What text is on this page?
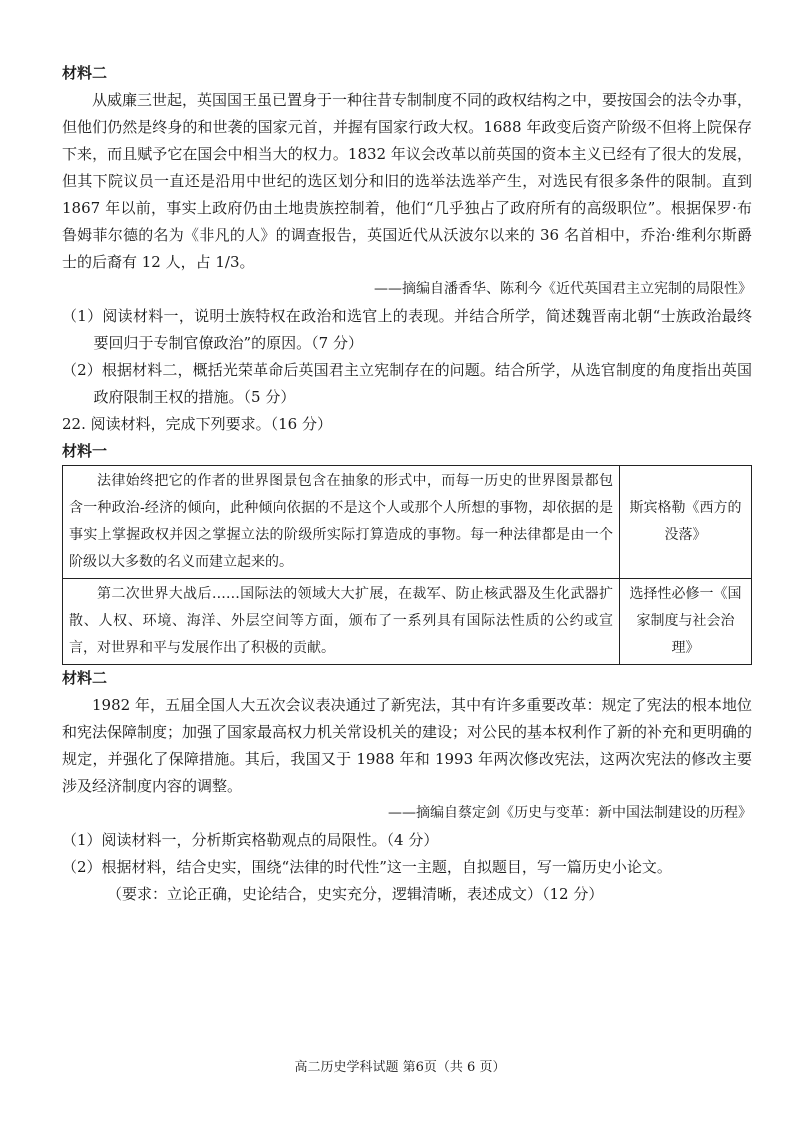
材料二

从威廉三世起，英国国王虽已置身于一种往昔专制制度不同的政权结构之中，要按国会的法令办事，但他们仍然是终身的和世袭的国家元首，并握有国家行政大权。1688 年政变后资产阶级不但将上院保存下来，而且赋予它在国会中相当大的权力。1832 年议会改革以前英国的资本主义已经有了很大的发展，但其下院议员一直还是沿用中世纪的选区划分和旧的选举法选举产生，对选民有很多条件的限制。直到 1867 年以前，事实上政府仍由土地贵族控制着，他们“几乎独占了政府所有的高级职位”。根据保罗·布鲁姆菲尔德的名为《非凡的人》的调查报告，英国近代从沃波尔以来的 36 名首相中，乔治·维利尔斯爵士的后裔有 12 人，占 1/3。

——摘编自潘香华、陈利今《近代英国君主立宪制的局限性》

（1）阅读材料一，说明士族特权在政治和选官上的表现。并结合所学，简述魏晋南北朝“士族政治最终要回归于专制官僚政治”的原因。（7 分）

（2）根据材料二，概括光荣革命后英国君主立宪制存在的问题。结合所学，从选官制度的角度指出英国政府限制王权的措施。（5 分）

22. 阅读材料，完成下列要求。（16 分）

材料一

法律始终把它的作者的世界图景包含在抽象的形式中，而每一历史的世界图景都包含一种政治-经济的倾向，此种倾向依据的不是这个人或那个人所想的事物，却依据的是事实上掌握政权并因之掌握立法的阶级所实际打算造成的事物。每一种法律都是由一个阶级以大多数的名义而建立起来的。	斯宾格勒《西方的没落》
第二次世界大战后……国际法的领域大大扩展，在裁军、防止核武器及生化武器扩散、人权、环境、海洋、外层空间等方面，颁布了一系列具有国际法性质的公约或宣言，对世界和平与发展作出了积极的贡献。	选择性必修一《国家制度与社会治理》

材料二

1982 年，五届全国人大五次会议表决通过了新宪法，其中有许多重要改革：规定了宪法的根本地位和宪法保障制度；加强了国家最高权力机关常设机关的建设；对公民的基本权利作了新的补充和更明确的规定，并强化了保障措施。其后，我国又于 1988 年和 1993 年两次修改宪法，这两次宪法的修改主要涉及经济制度内容的调整。

——摘编自蔡定剑《历史与变革：新中国法制建设的历程》

（1）阅读材料一，分析斯宾格勒观点的局限性。（4 分）

（2）根据材料，结合史实，围绕“法律的时代性”这一主题，自拟题目，写一篇历史小论文。

（要求：立论正确，史论结合，史实充分，逻辑清晰，表述成文）（12 分）

高二历史学科试题 第6页（共 6 页）
